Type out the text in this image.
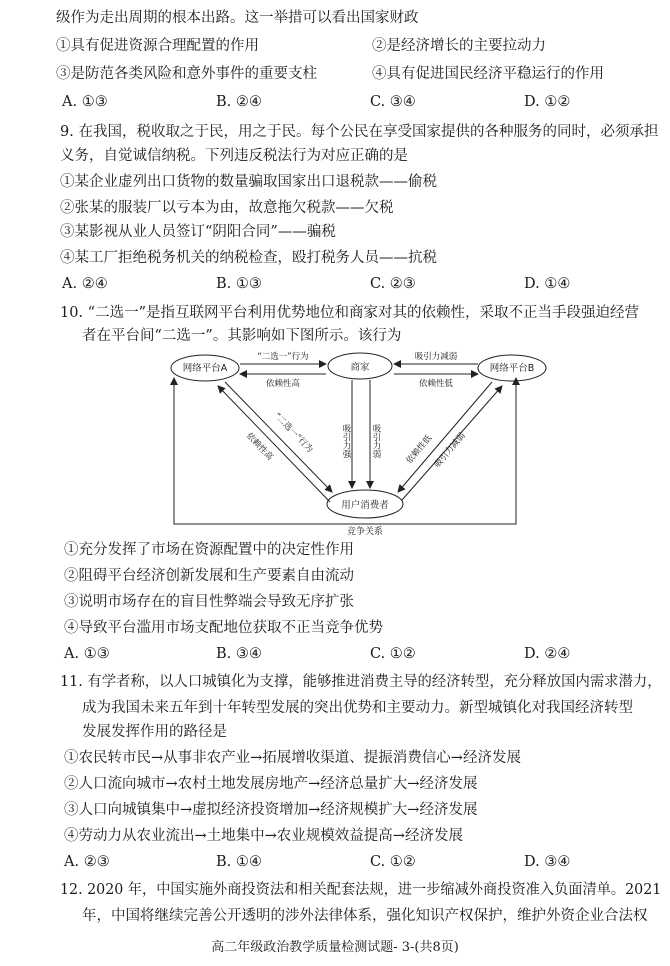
级作为走出周期的根本出路。这一举措可以看出国家财政
①具有促进资源合理配置的作用	②是经济增长的主要拉动力
③是防范各类风险和意外事件的重要支柱	④具有促进国民经济平稳运行的作用
A. ①③	B. ②④	C. ③④	D. ①②
9. 在我国，税收取之于民，用之于民。每个公民在享受国家提供的各种服务的同时，必须承担
义务，自觉诚信纳税。下列违反税法行为对应正确的是
①某企业虚列出口货物的数量骗取国家出口退税款——偷税
②张某的服装厂以亏本为由，故意拖欠税款——欠税
③某影视从业人员签订“阴阳合同”——骗税
④某工厂拒绝税务机关的纳税检查，殴打税务人员——抗税
A. ②④	B. ①③	C. ②③	D. ①④
10. “二选一”是指互联网平台利用优势地位和商家对其的依赖性，采取不正当手段强迫经营
者在平台间“二选一”。其影响如下图所示。该行为
网络平台A	商家	网络平台B
用户消费者
“二选一”行为
依赖性高
吸引力减弱
依赖性低
吸引力强 吸引力弱
“二选一”行为
依赖性高	依赖性低
吸引力减弱
竞争关系
①充分发挥了市场在资源配置中的决定性作用
②阻碍平台经济创新发展和生产要素自由流动
③说明市场存在的盲目性弊端会导致无序扩张
④导致平台滥用市场支配地位获取不正当竞争优势
A. ①③	B. ③④	C. ①②	D. ②④
11. 有学者称，以人口城镇化为支撑，能够推进消费主导的经济转型，充分释放国内需求潜力，
成为我国未来五年到十年转型发展的突出优势和主要动力。新型城镇化对我国经济转型
发展发挥作用的路径是
①农民转市民→从事非农产业→拓展增收渠道、提振消费信心→经济发展
②人口流向城市→农村土地发展房地产→经济总量扩大→经济发展
③人口向城镇集中→虚拟经济投资增加→经济规模扩大→经济发展
④劳动力从农业流出→土地集中→农业规模效益提高→经济发展
A. ②③	B. ①④	C. ①②	D. ③④
12. 2020 年，中国实施外商投资法和相关配套法规，进一步缩减外商投资准入负面清单。2021
年，中国将继续完善公开透明的涉外法律体系，强化知识产权保护，维护外资企业合法权
高二年级政治教学质量检测试题- 3-(共8页)
